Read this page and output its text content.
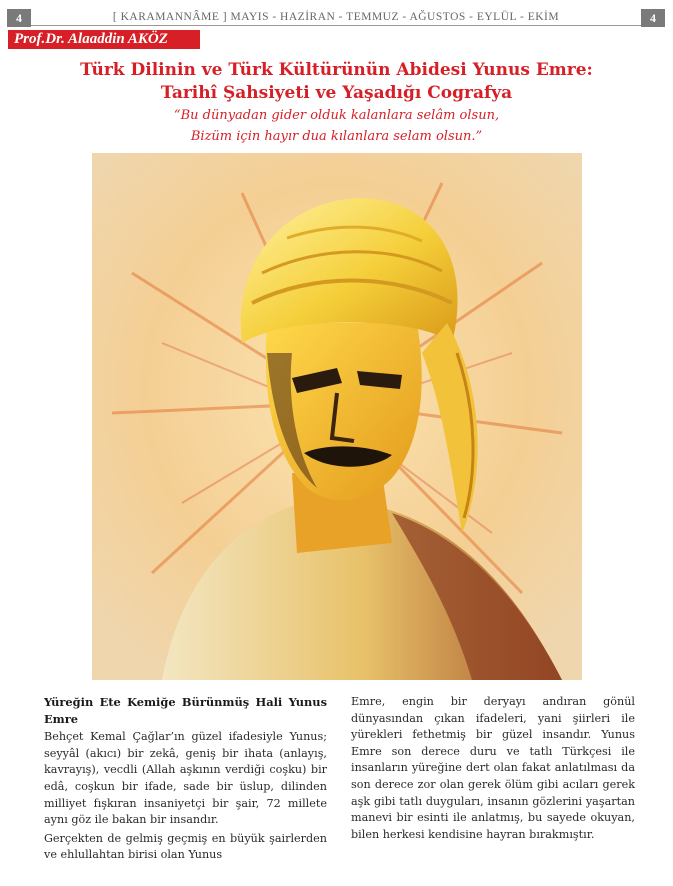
4	[ KARAMANNÂME ] MAYIS - HAZİRAN - TEMMUZ - AĞUSTOS - EYLÜL - EKİM	4
Prof.Dr. Alaaddin AKÖZ
Türk Dilinin ve Türk Kültürünün Abidesi Yunus Emre:
Tarihî Şahsiyeti ve Yaşadığı Cografya
“Bu dünyadan gider olduk kalanlara selâm olsun,
Bizüm için hayır dua kılanlara selam olsun.”

Yüreğin Ete Kemiğe Bürünmüş Hali Yunus Emre

Behçet Kemal Çağlar’ın güzel ifadesiyle Yunus; seyyâl (akıcı) bir zekâ, geniş bir ihata (anlayış, kavrayış), vecdli (Allah aşkının verdiği coşku) bir edâ, coşkun bir ifade, sade bir üslup, dilinden milliyet fışkıran insaniyetçi bir şair, 72 millete aynı göz ile bakan bir insandır.

Gerçekten de gelmiş geçmiş en büyük şairlerden ve ehlullahtan birisi olan Yunus

Emre, engin bir deryayı andıran gönül dünyasından çıkan ifadeleri, yani şiirleri ile yürekleri fethetmiş bir güzel insandır. Yunus Emre son derece duru ve tatlı Türkçesi ile insanların yüreğine dert olan fakat anlatılması da son derece zor olan gerek ölüm gibi acıları gerek aşk gibi tatlı duyguları, insanın gözlerini yaşartan manevi bir esinti ile anlatmış, bu sayede okuyan, bilen herkesi kendisine hayran bırakmıştır.
